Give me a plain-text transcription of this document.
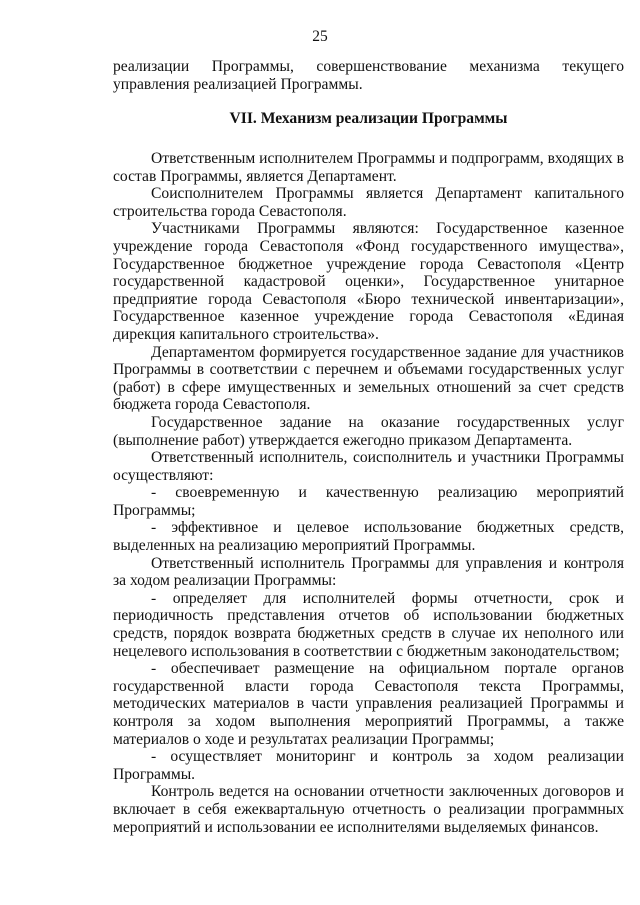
25

реализации Программы, совершенствование механизма текущего управления реализацией Программы.

VII. Механизм реализации Программы

Ответственным исполнителем Программы и подпрограмм, входящих в состав Программы, является Департамент.

Соисполнителем Программы является Департамент капитального строительства города Севастополя.

Участниками Программы являются: Государственное казенное учреждение города Севастополя «Фонд государственного имущества», Государственное бюджетное учреждение города Севастополя «Центр государственной кадастровой оценки», Государственное унитарное предприятие города Севастополя «Бюро технической инвентаризации», Государственное казенное учреждение города Севастополя «Единая дирекция капитального строительства».

Департаментом формируется государственное задание для участников Программы в соответствии с перечнем и объемами государственных услуг (работ) в сфере имущественных и земельных отношений за счет средств бюджета города Севастополя.

Государственное задание на оказание государственных услуг (выполнение работ) утверждается ежегодно приказом Департамента.

Ответственный исполнитель, соисполнитель и участники Программы осуществляют:

- своевременную и качественную реализацию мероприятий Программы;

- эффективное и целевое использование бюджетных средств, выделенных на реализацию мероприятий Программы.

Ответственный исполнитель Программы для управления и контроля за ходом реализации Программы:

- определяет для исполнителей формы отчетности, срок и периодичность представления отчетов об использовании бюджетных средств, порядок возврата бюджетных средств в случае их неполного или нецелевого использования в соответствии с бюджетным законодательством;

- обеспечивает размещение на официальном портале органов государственной власти города Севастополя текста Программы, методических материалов в части управления реализацией Программы и контроля за ходом выполнения мероприятий Программы, а также материалов о ходе и результатах реализации Программы;

- осуществляет мониторинг и контроль за ходом реализации Программы.

Контроль ведется на основании отчетности заключенных договоров и включает в себя ежеквартальную отчетность о реализации программных мероприятий и использовании ее исполнителями выделяемых финансов.
